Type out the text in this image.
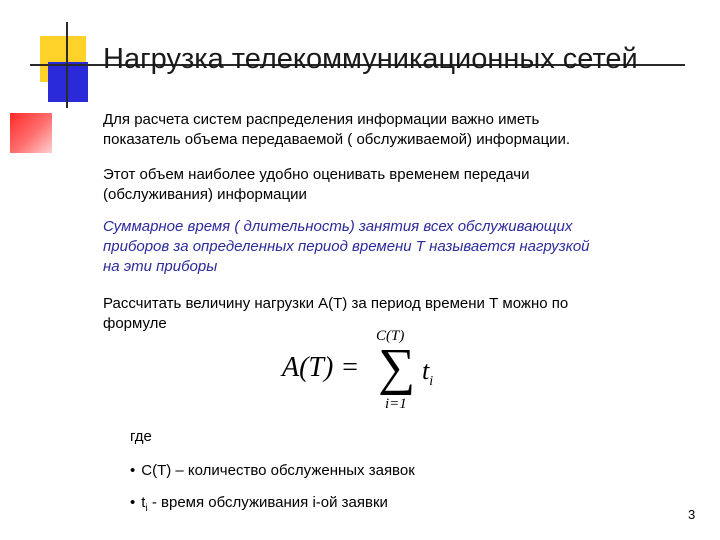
Нагрузка телекоммуникационных сетей
Для расчета систем распределения информации важно иметь
показатель объема передаваемой ( обслуживаемой) информации.
Этот объем наиболее удобно оценивать временем передачи
(обслуживания) информации
Суммарное время ( длительность) занятия всех обслуживающих
приборов за определенных период времени Т называется нагрузкой
на эти приборы
Рассчитать величину нагрузки А(Т) за период времени Т можно по
формуле
A(T) =
C(T)
∑
i=1
$t_i$
где
• С(Т) – количество обслуженных заявок
• $t_i$ - время обслуживания i-ой заявки
3
